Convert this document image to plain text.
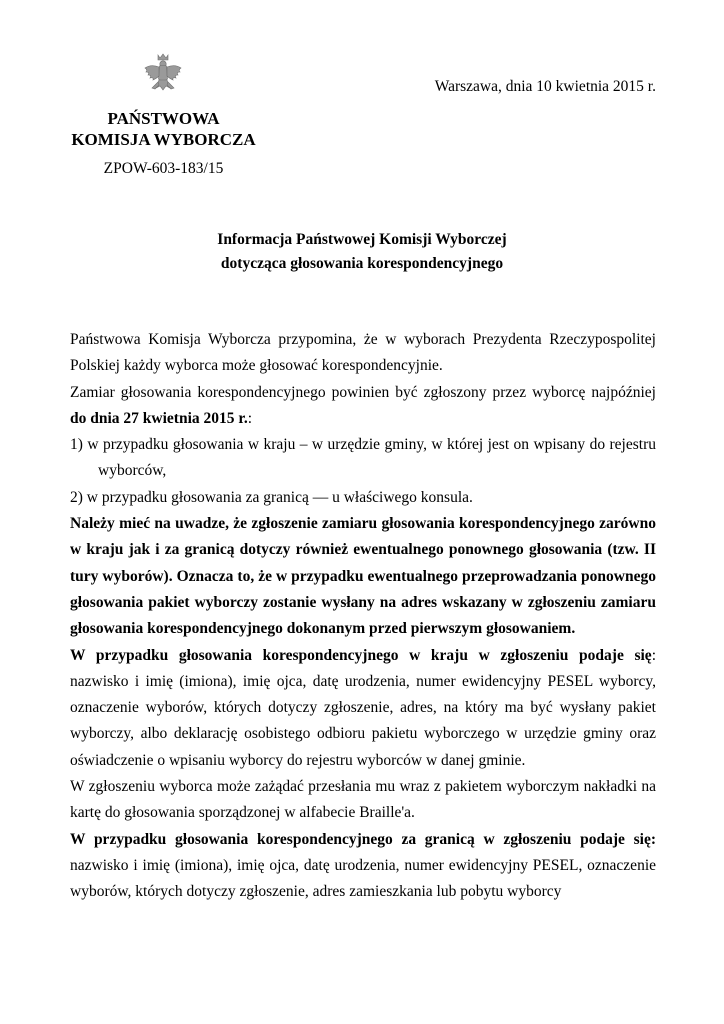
PAŃSTWOWA
KOMISJA WYBORCZA
ZPOW-603-183/15
Warszawa, dnia 10 kwietnia 2015 r.
Informacja Państwowej Komisji Wyborczej
dotycząca głosowania korespondencyjnego

Państwowa Komisja Wyborcza przypomina, że w wyborach Prezydenta Rzeczypospolitej Polskiej każdy wyborca może głosować korespondencyjnie.

Zamiar głosowania korespondencyjnego powinien być zgłoszony przez wyborcę najpóźniej do dnia 27 kwietnia 2015 r.:

1) w przypadku głosowania w kraju – w urzędzie gminy, w której jest on wpisany do rejestru wyborców,

2) w przypadku głosowania za granicą — u właściwego konsula.

Należy mieć na uwadze, że zgłoszenie zamiaru głosowania korespondencyjnego zarówno w kraju jak i za granicą dotyczy również ewentualnego ponownego głosowania (tzw. II tury wyborów). Oznacza to, że w przypadku ewentualnego przeprowadzania ponownego głosowania pakiet wyborczy zostanie wysłany na adres wskazany w zgłoszeniu zamiaru głosowania korespondencyjnego dokonanym przed pierwszym głosowaniem.

W przypadku głosowania korespondencyjnego w kraju w zgłoszeniu podaje się: nazwisko i imię (imiona), imię ojca, datę urodzenia, numer ewidencyjny PESEL wyborcy, oznaczenie wyborów, których dotyczy zgłoszenie, adres, na który ma być wysłany pakiet wyborczy, albo deklarację osobistego odbioru pakietu wyborczego w urzędzie gminy oraz oświadczenie o wpisaniu wyborcy do rejestru wyborców w danej gminie.

W zgłoszeniu wyborca może zażądać przesłania mu wraz z pakietem wyborczym nakładki na kartę do głosowania sporządzonej w alfabecie Braille'a.

W przypadku głosowania korespondencyjnego za granicą w zgłoszeniu podaje się: nazwisko i imię (imiona), imię ojca, datę urodzenia, numer ewidencyjny PESEL, oznaczenie wyborów, których dotyczy zgłoszenie, adres zamieszkania lub pobytu wyborcy
